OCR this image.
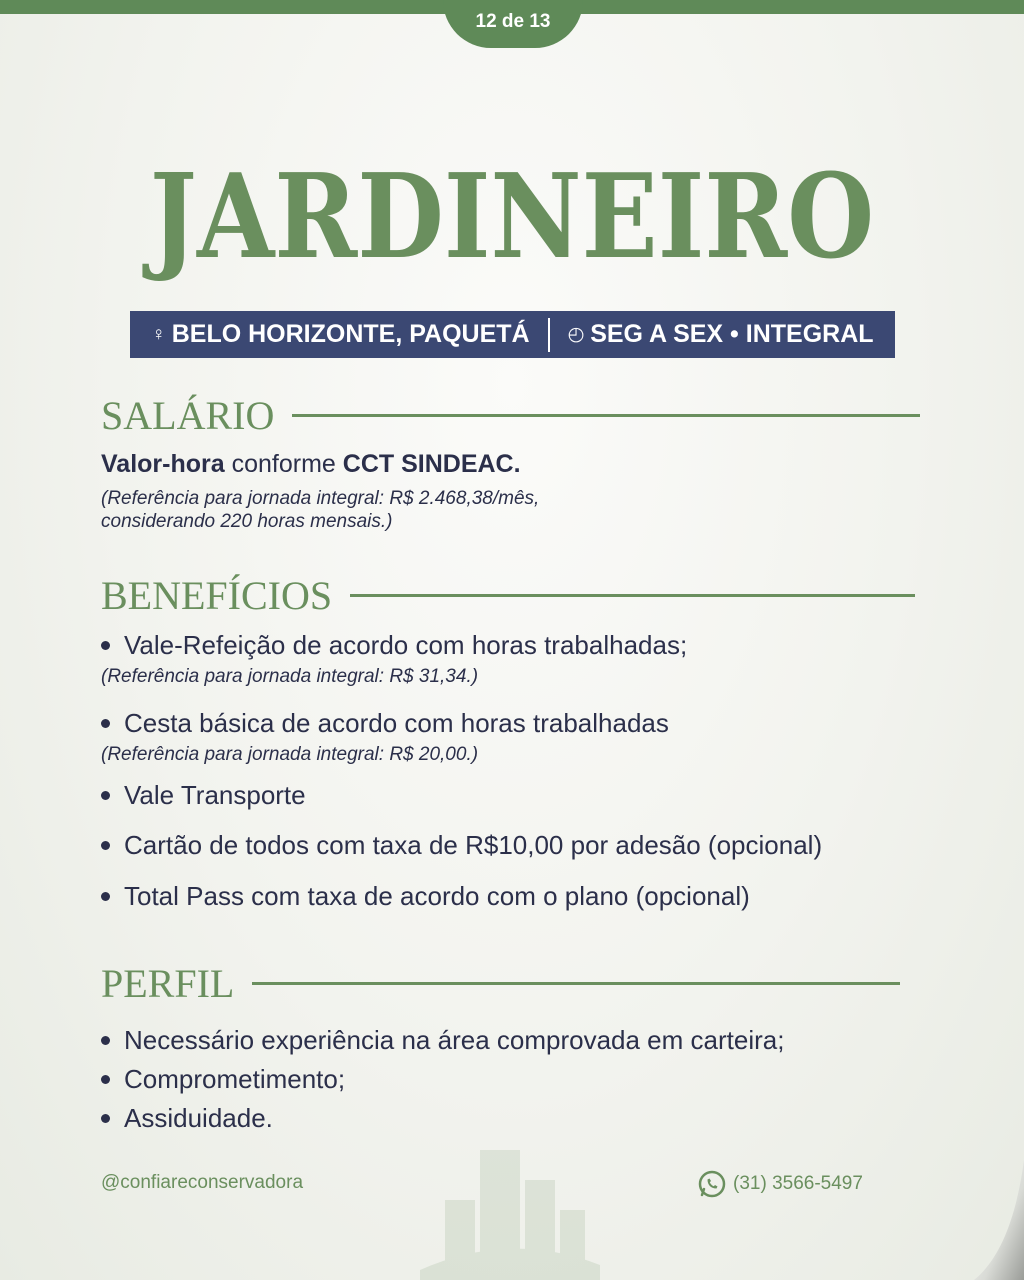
12 de 13
JARDINEIRO
♀ BELO HORIZONTE, PAQUETÁ ◴ SEG A SEX • INTEGRAL
SALÁRIO
Valor-hora conforme CCT SINDEAC.
(Referência para jornada integral: R$ 2.468,38/mês,
considerando 220 horas mensais.)
BENEFÍCIOS
Vale-Refeição de acordo com horas trabalhadas;
(Referência para jornada integral: R$ 31,34.)
Cesta básica de acordo com horas trabalhadas
(Referência para jornada integral: R$ 20,00.)
Vale Transporte
Cartão de todos com taxa de R$10,00 por adesão (opcional)
Total Pass com taxa de acordo com o plano (opcional)
PERFIL
Necessário experiência na área comprovada em carteira;
Comprometimento;
Assiduidade.
@confiareconservadora	(31) 3566-5497
